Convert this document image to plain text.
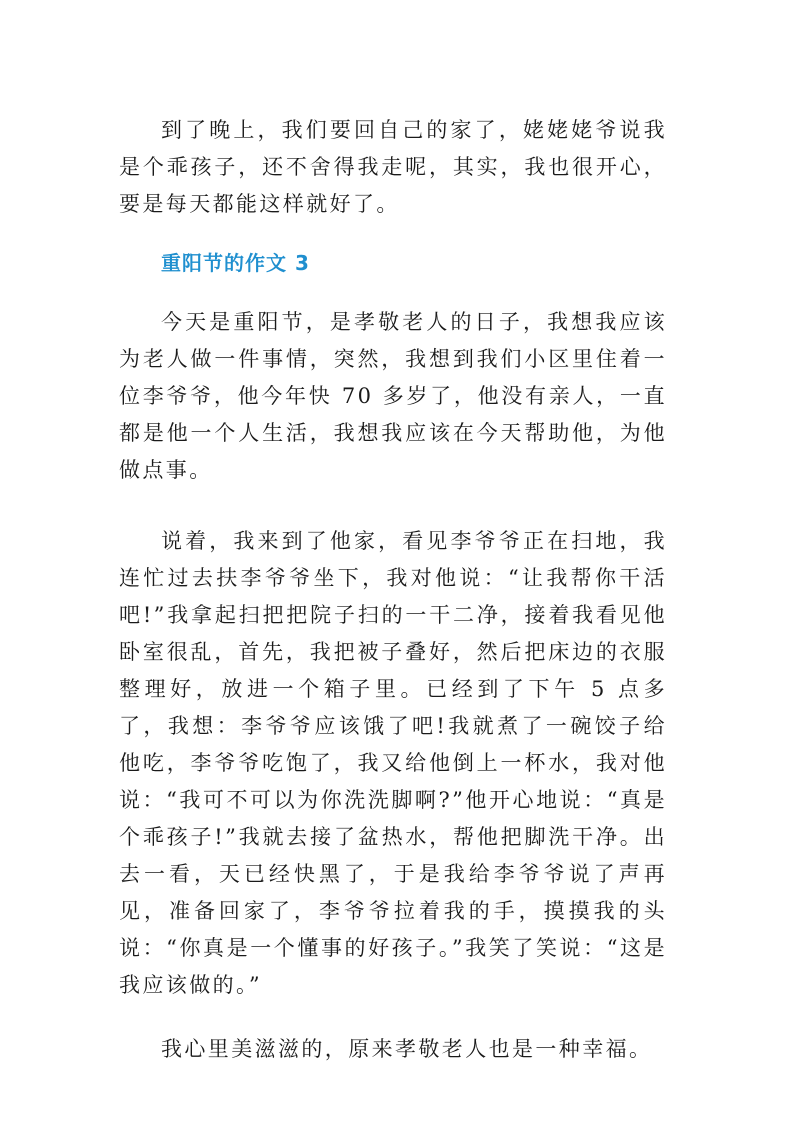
到了晚上，我们要回自己的家了，姥姥姥爷说我是个乖孩子，还不舍得我走呢，其实，我也很开心，要是每天都能这样就好了。

重阳节的作文 3

今天是重阳节，是孝敬老人的日子，我想我应该为老人做一件事情，突然，我想到我们小区里住着一位李爷爷，他今年快 70 多岁了，他没有亲人，一直都是他一个人生活，我想我应该在今天帮助他，为他做点事。

说着，我来到了他家，看见李爷爷正在扫地，我连忙过去扶李爷爷坐下，我对他说：“让我帮你干活吧!”我拿起扫把把院子扫的一干二净，接着我看见他卧室很乱，首先，我把被子叠好，然后把床边的衣服整理好，放进一个箱子里。已经到了下午 5 点多了，我想：李爷爷应该饿了吧!我就煮了一碗饺子给他吃，李爷爷吃饱了，我又给他倒上一杯水，我对他说：“我可不可以为你洗洗脚啊?”他开心地说：“真是个乖孩子!”我就去接了盆热水，帮他把脚洗干净。出去一看，天已经快黑了，于是我给李爷爷说了声再见，准备回家了，李爷爷拉着我的手，摸摸我的头说：“你真是一个懂事的好孩子。”我笑了笑说：“这是我应该做的。”

我心里美滋滋的，原来孝敬老人也是一种幸福。
